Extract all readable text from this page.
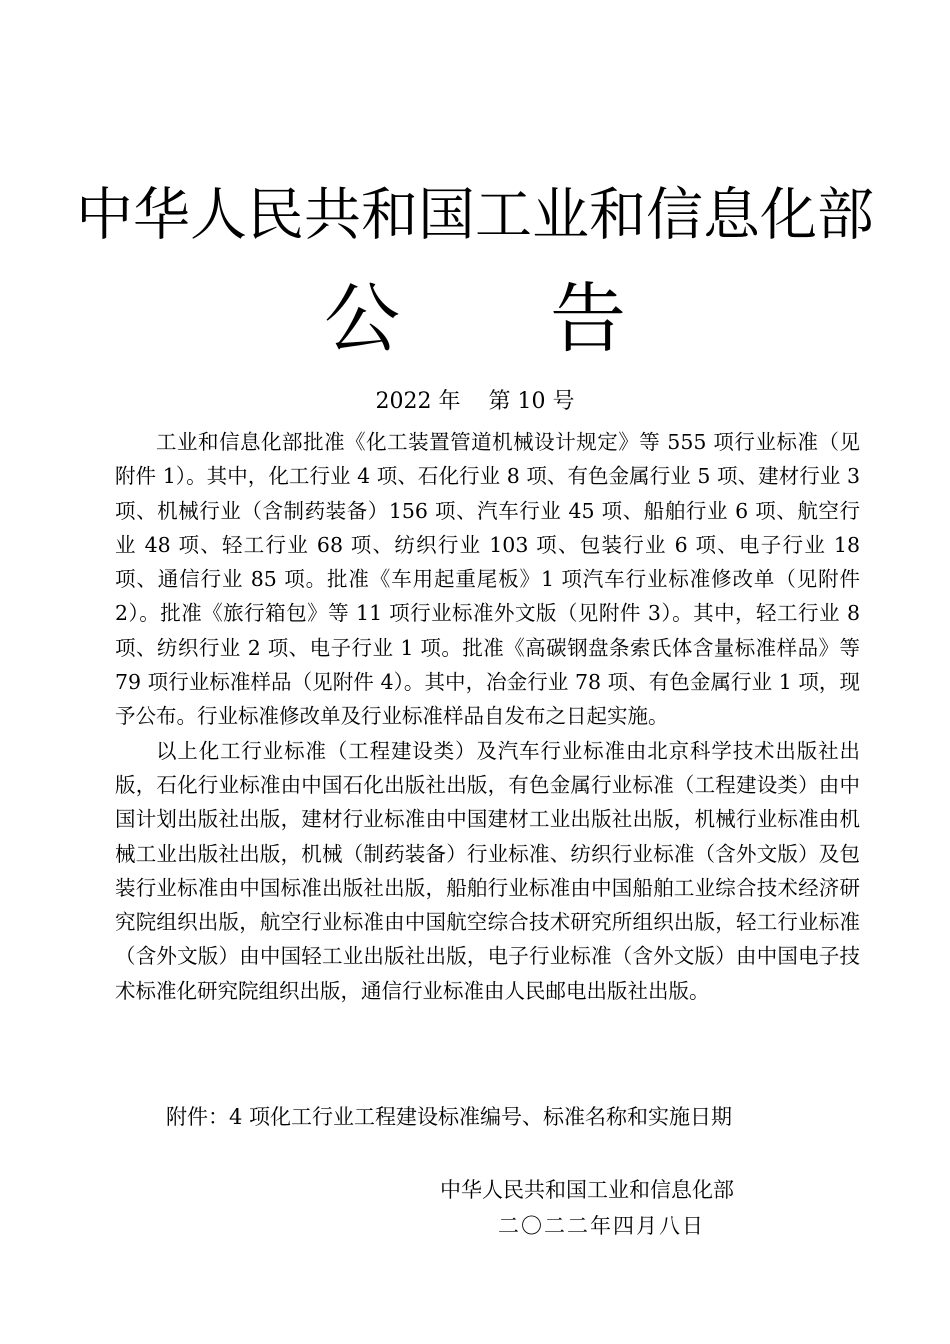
中华人民共和国工业和信息化部
公 告
2022 年    第 10 号

工业和信息化部批准《化工装置管道机械设计规定》等 555 项行业标准（见附件 1）。其中，化工行业 4 项、石化行业 8 项、有色金属行业 5 项、建材行业 3 项、机械行业（含制药装备）156 项、汽车行业 45 项、船舶行业 6 项、航空行业 48 项、轻工行业 68 项、纺织行业 103 项、包装行业 6 项、电子行业 18 项、通信行业 85 项。批准《车用起重尾板》1 项汽车行业标准修改单（见附件 2）。批准《旅行箱包》等 11 项行业标准外文版（见附件 3）。其中，轻工行业 8 项、纺织行业 2 项、电子行业 1 项。批准《高碳钢盘条索氏体含量标准样品》等 79 项行业标准样品（见附件 4）。其中，冶金行业 78 项、有色金属行业 1 项，现予公布。行业标准修改单及行业标准样品自发布之日起实施。

以上化工行业标准（工程建设类）及汽车行业标准由北京科学技术出版社出版，石化行业标准由中国石化出版社出版，有色金属行业标准（工程建设类）由中国计划出版社出版，建材行业标准由中国建材工业出版社出版，机械行业标准由机械工业出版社出版，机械（制药装备）行业标准、纺织行业标准（含外文版）及包装行业标准由中国标准出版社出版，船舶行业标准由中国船舶工业综合技术经济研究院组织出版，航空行业标准由中国航空综合技术研究所组织出版，轻工行业标准（含外文版）由中国轻工业出版社出版，电子行业标准（含外文版）由中国电子技术标准化研究院组织出版，通信行业标准由人民邮电出版社出版。

附件：4 项化工行业工程建设标准编号、标准名称和实施日期
中华人民共和国工业和信息化部
二〇二二年四月八日
